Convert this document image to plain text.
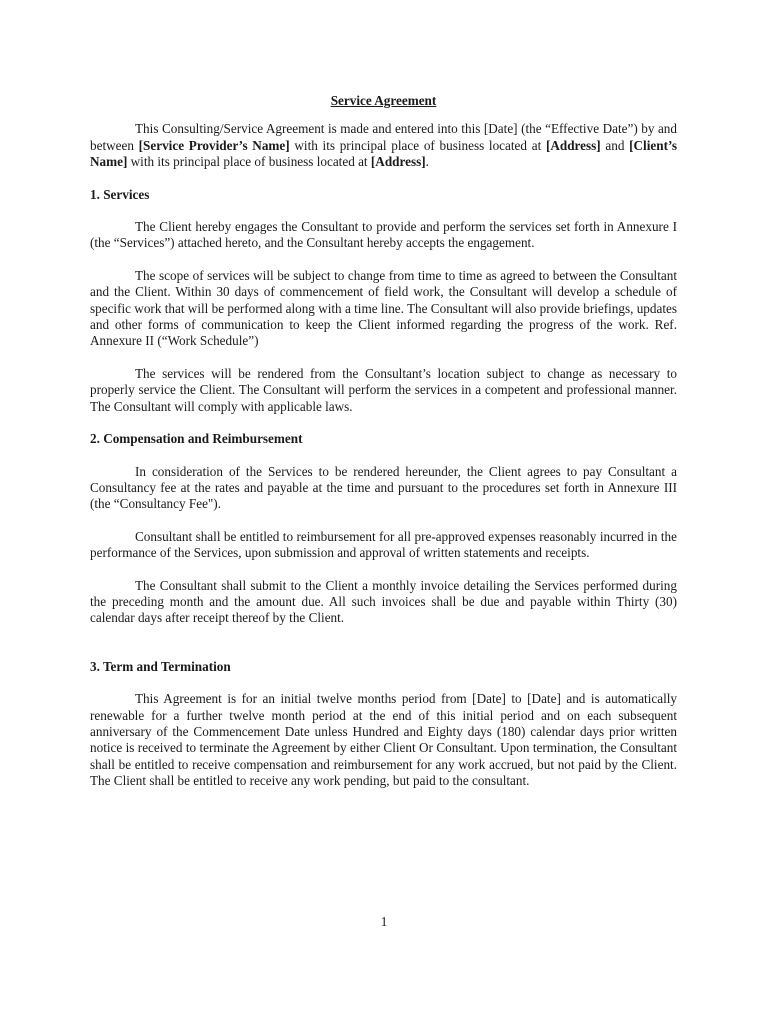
Service Agreement

This Consulting/Service Agreement is made and entered into this [Date] (the “Effective Date”) by and between [Service Provider’s Name] with its principal place of business located at [Address] and [Client’s Name] with its principal place of business located at [Address].

1. Services

The Client hereby engages the Consultant to provide and perform the services set forth in Annexure I (the “Services”) attached hereto, and the Consultant hereby accepts the engagement.

The scope of services will be subject to change from time to time as agreed to between the Consultant and the Client. Within 30 days of commencement of field work, the Consultant will develop a schedule of specific work that will be performed along with a time line. The Consultant will also provide briefings, updates and other forms of communication to keep the Client informed regarding the progress of the work. Ref. Annexure II (“Work Schedule”)

The services will be rendered from the Consultant’s location subject to change as necessary to properly service the Client. The Consultant will perform the services in a competent and professional manner. The Consultant will comply with applicable laws.

2. Compensation and Reimbursement

In consideration of the Services to be rendered hereunder, the Client agrees to pay Consultant a Consultancy fee at the rates and payable at the time and pursuant to the procedures set forth in Annexure III (the “Consultancy Fee").

Consultant shall be entitled to reimbursement for all pre-approved expenses reasonably incurred in the performance of the Services, upon submission and approval of written statements and receipts.

The Consultant shall submit to the Client a monthly invoice detailing the Services performed during the preceding month and the amount due. All such invoices shall be due and payable within Thirty (30) calendar days after receipt thereof by the Client.

3. Term and Termination

This Agreement is for an initial twelve months period from [Date] to [Date] and is automatically renewable for a further twelve month period at the end of this initial period and on each subsequent anniversary of the Commencement Date unless Hundred and Eighty days (180) calendar days prior written notice is received to terminate the Agreement by either Client Or Consultant. Upon termination, the Consultant shall be entitled to receive compensation and reimbursement for any work accrued, but not paid by the Client. The Client shall be entitled to receive any work pending, but paid to the consultant.

1
